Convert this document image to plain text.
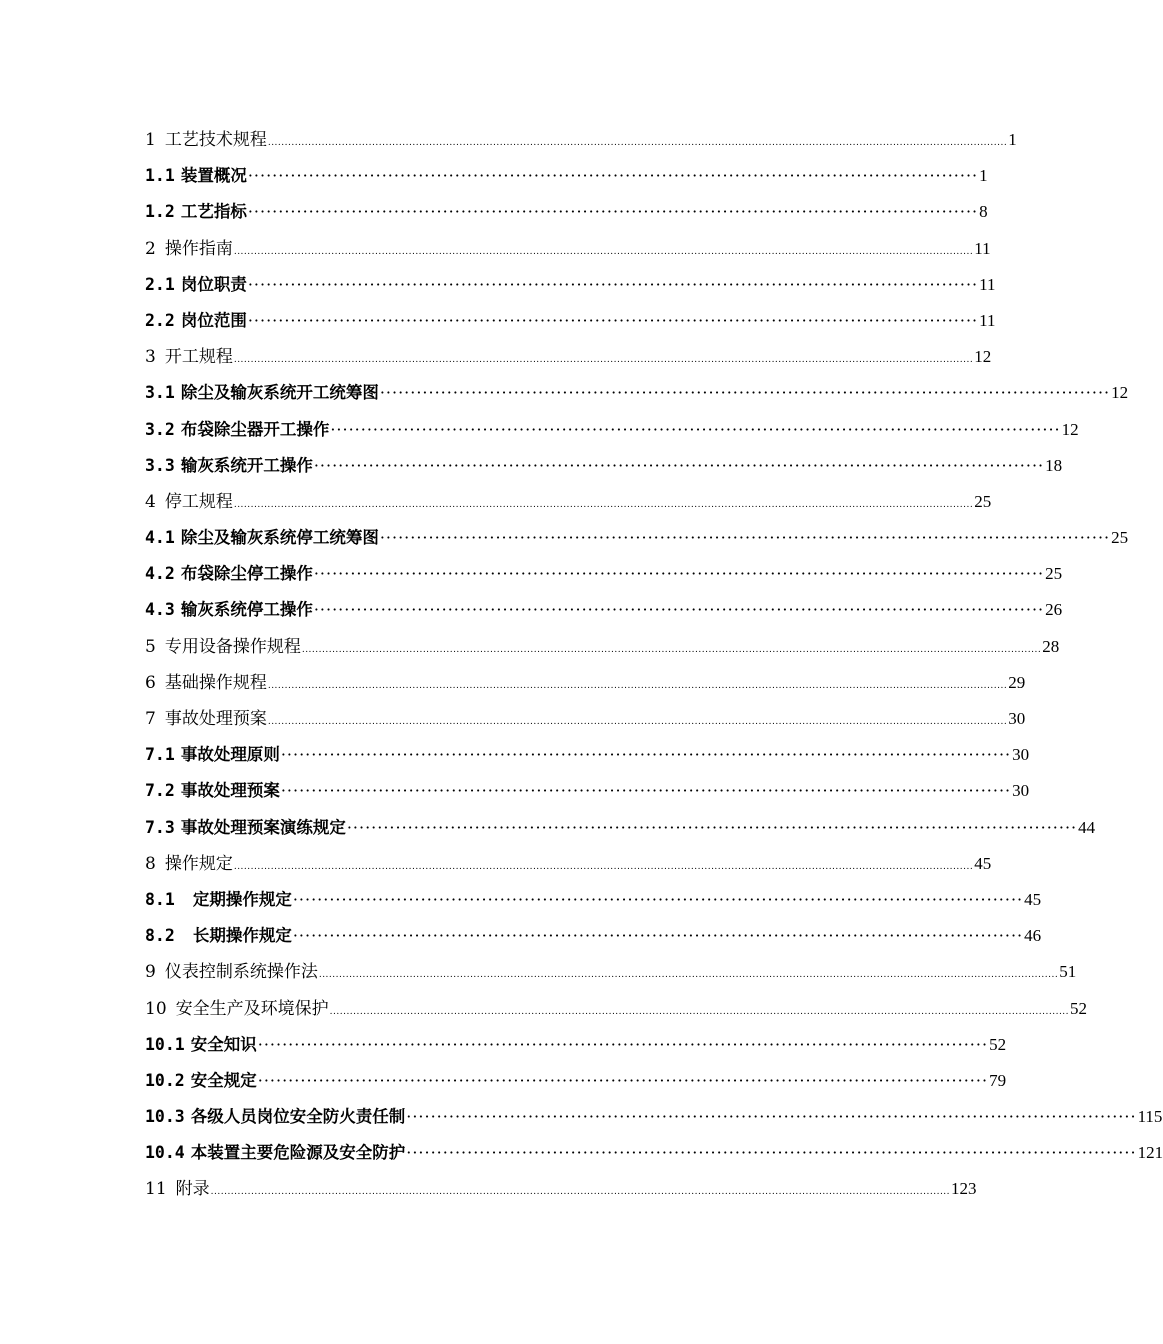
1 工艺技术规程 ............................................................................................................................................................................................................................ 1
1.1 装置概况 ························································································································ 1
1.2 工艺指标 ························································································································ 8
2 操作指南 ............................................................................................................................................................................................................................ 11
2.1 岗位职责 ························································································································ 11
2.2 岗位范围 ························································································································ 11
3 开工规程 ............................................................................................................................................................................................................................ 12
3.1 除尘及输灰系统开工统筹图 ························································································································ 12
3.2 布袋除尘器开工操作 ························································································································ 12
3.3 输灰系统开工操作 ························································································································ 18
4 停工规程 ............................................................................................................................................................................................................................ 25
4.1 除尘及输灰系统停工统筹图 ························································································································ 25
4.2 布袋除尘停工操作 ························································································································ 25
4.3 输灰系统停工操作 ························································································································ 26
5 专用设备操作规程 ............................................................................................................................................................................................................................ 28
6 基础操作规程 ............................................................................................................................................................................................................................ 29
7 事故处理预案 ............................................................................................................................................................................................................................ 30
7.1 事故处理原则 ························································································································ 30
7.2 事故处理预案 ························································································································ 30
7.3 事故处理预案演练规定 ························································································································ 44
8 操作规定 ............................................................................................................................................................................................................................ 45
8.1 定期操作规定 ························································································································ 45
8.2 长期操作规定 ························································································································ 46
9 仪表控制系统操作法 ............................................................................................................................................................................................................................ 51
10 安全生产及环境保护 ............................................................................................................................................................................................................................ 52
10.1 安全知识 ························································································································ 52
10.2 安全规定 ························································································································ 79
10.3 各级人员岗位安全防火责任制 ························································································································ 115
10.4 本装置主要危险源及安全防护 ························································································································ 121
11 附录 ............................................................................................................................................................................................................................ 123
